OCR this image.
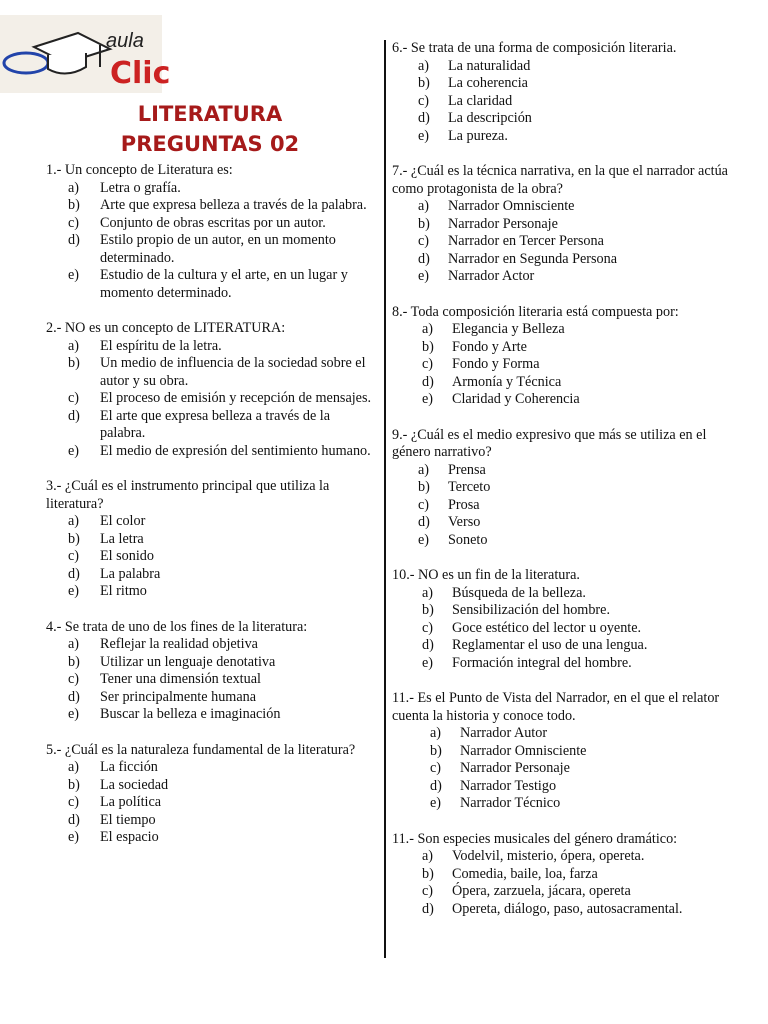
aula
Clic
LITERATURA
PREGUNTAS 02

1.- Un concepto de Literatura es:

a)	Letra o grafía.
b)	Arte que expresa belleza a través de la palabra.
c)	Conjunto de obras escritas por un autor.
d)	Estilo propio de un autor, en un momento determinado.
e)	Estudio de la cultura y el arte, en un lugar y momento determinado.

2.- NO es un concepto de LITERATURA:

a)	El espíritu de la letra.
b)	Un medio de influencia de la sociedad sobre el autor y su obra.
c)	El proceso de emisión y recepción de mensajes.
d)	El arte que expresa belleza a través de la palabra.
e)	El medio de expresión del sentimiento humano.

3.- ¿Cuál es el instrumento principal que utiliza la literatura?

a)	El color
b)	La letra
c)	El sonido
d)	La palabra
e)	El ritmo

4.- Se trata de uno de los fines de la literatura:

a)	Reflejar la realidad objetiva
b)	Utilizar un lenguaje denotativa
c)	Tener una dimensión textual
d)	Ser principalmente humana
e)	Buscar la belleza e imaginación

5.- ¿Cuál es la naturaleza fundamental de la literatura?

a)	La ficción
b)	La sociedad
c)	La política
d)	El tiempo
e)	El espacio

6.- Se trata de una forma de composición literaria.

a)	La naturalidad
b)	La coherencia
c)	La claridad
d)	La descripción
e)	La pureza.

7.- ¿Cuál es la técnica narrativa, en la que el narrador actúa como protagonista de la obra?

a)	Narrador Omnisciente
b)	Narrador Personaje
c)	Narrador en Tercer Persona
d)	Narrador en Segunda Persona
e)	Narrador Actor

8.- Toda composición literaria está compuesta por:

a)	Elegancia y Belleza
b)	Fondo y Arte
c)	Fondo y Forma
d)	Armonía y Técnica
e)	Claridad y Coherencia

9.- ¿Cuál es el medio expresivo que más se utiliza en el género narrativo?

a)	Prensa
b)	Terceto
c)	Prosa
d)	Verso
e)	Soneto

10.- NO es un fin de la literatura.

a)	Búsqueda de la belleza.
b)	Sensibilización del hombre.
c)	Goce estético del lector u oyente.
d)	Reglamentar el uso de una lengua.
e)	Formación integral del hombre.

11.- Es el Punto de Vista del Narrador, en el que el relator cuenta la historia y conoce todo.

a)	Narrador Autor
b)	Narrador Omnisciente
c)	Narrador Personaje
d)	Narrador Testigo
e)	Narrador Técnico

11.- Son especies musicales del género dramático:

a)	Vodelvil, misterio, ópera, opereta.
b)	Comedia, baile, loa, farza
c)	Ópera, zarzuela, jácara, opereta
d)	Opereta, diálogo, paso, autosacramental.
